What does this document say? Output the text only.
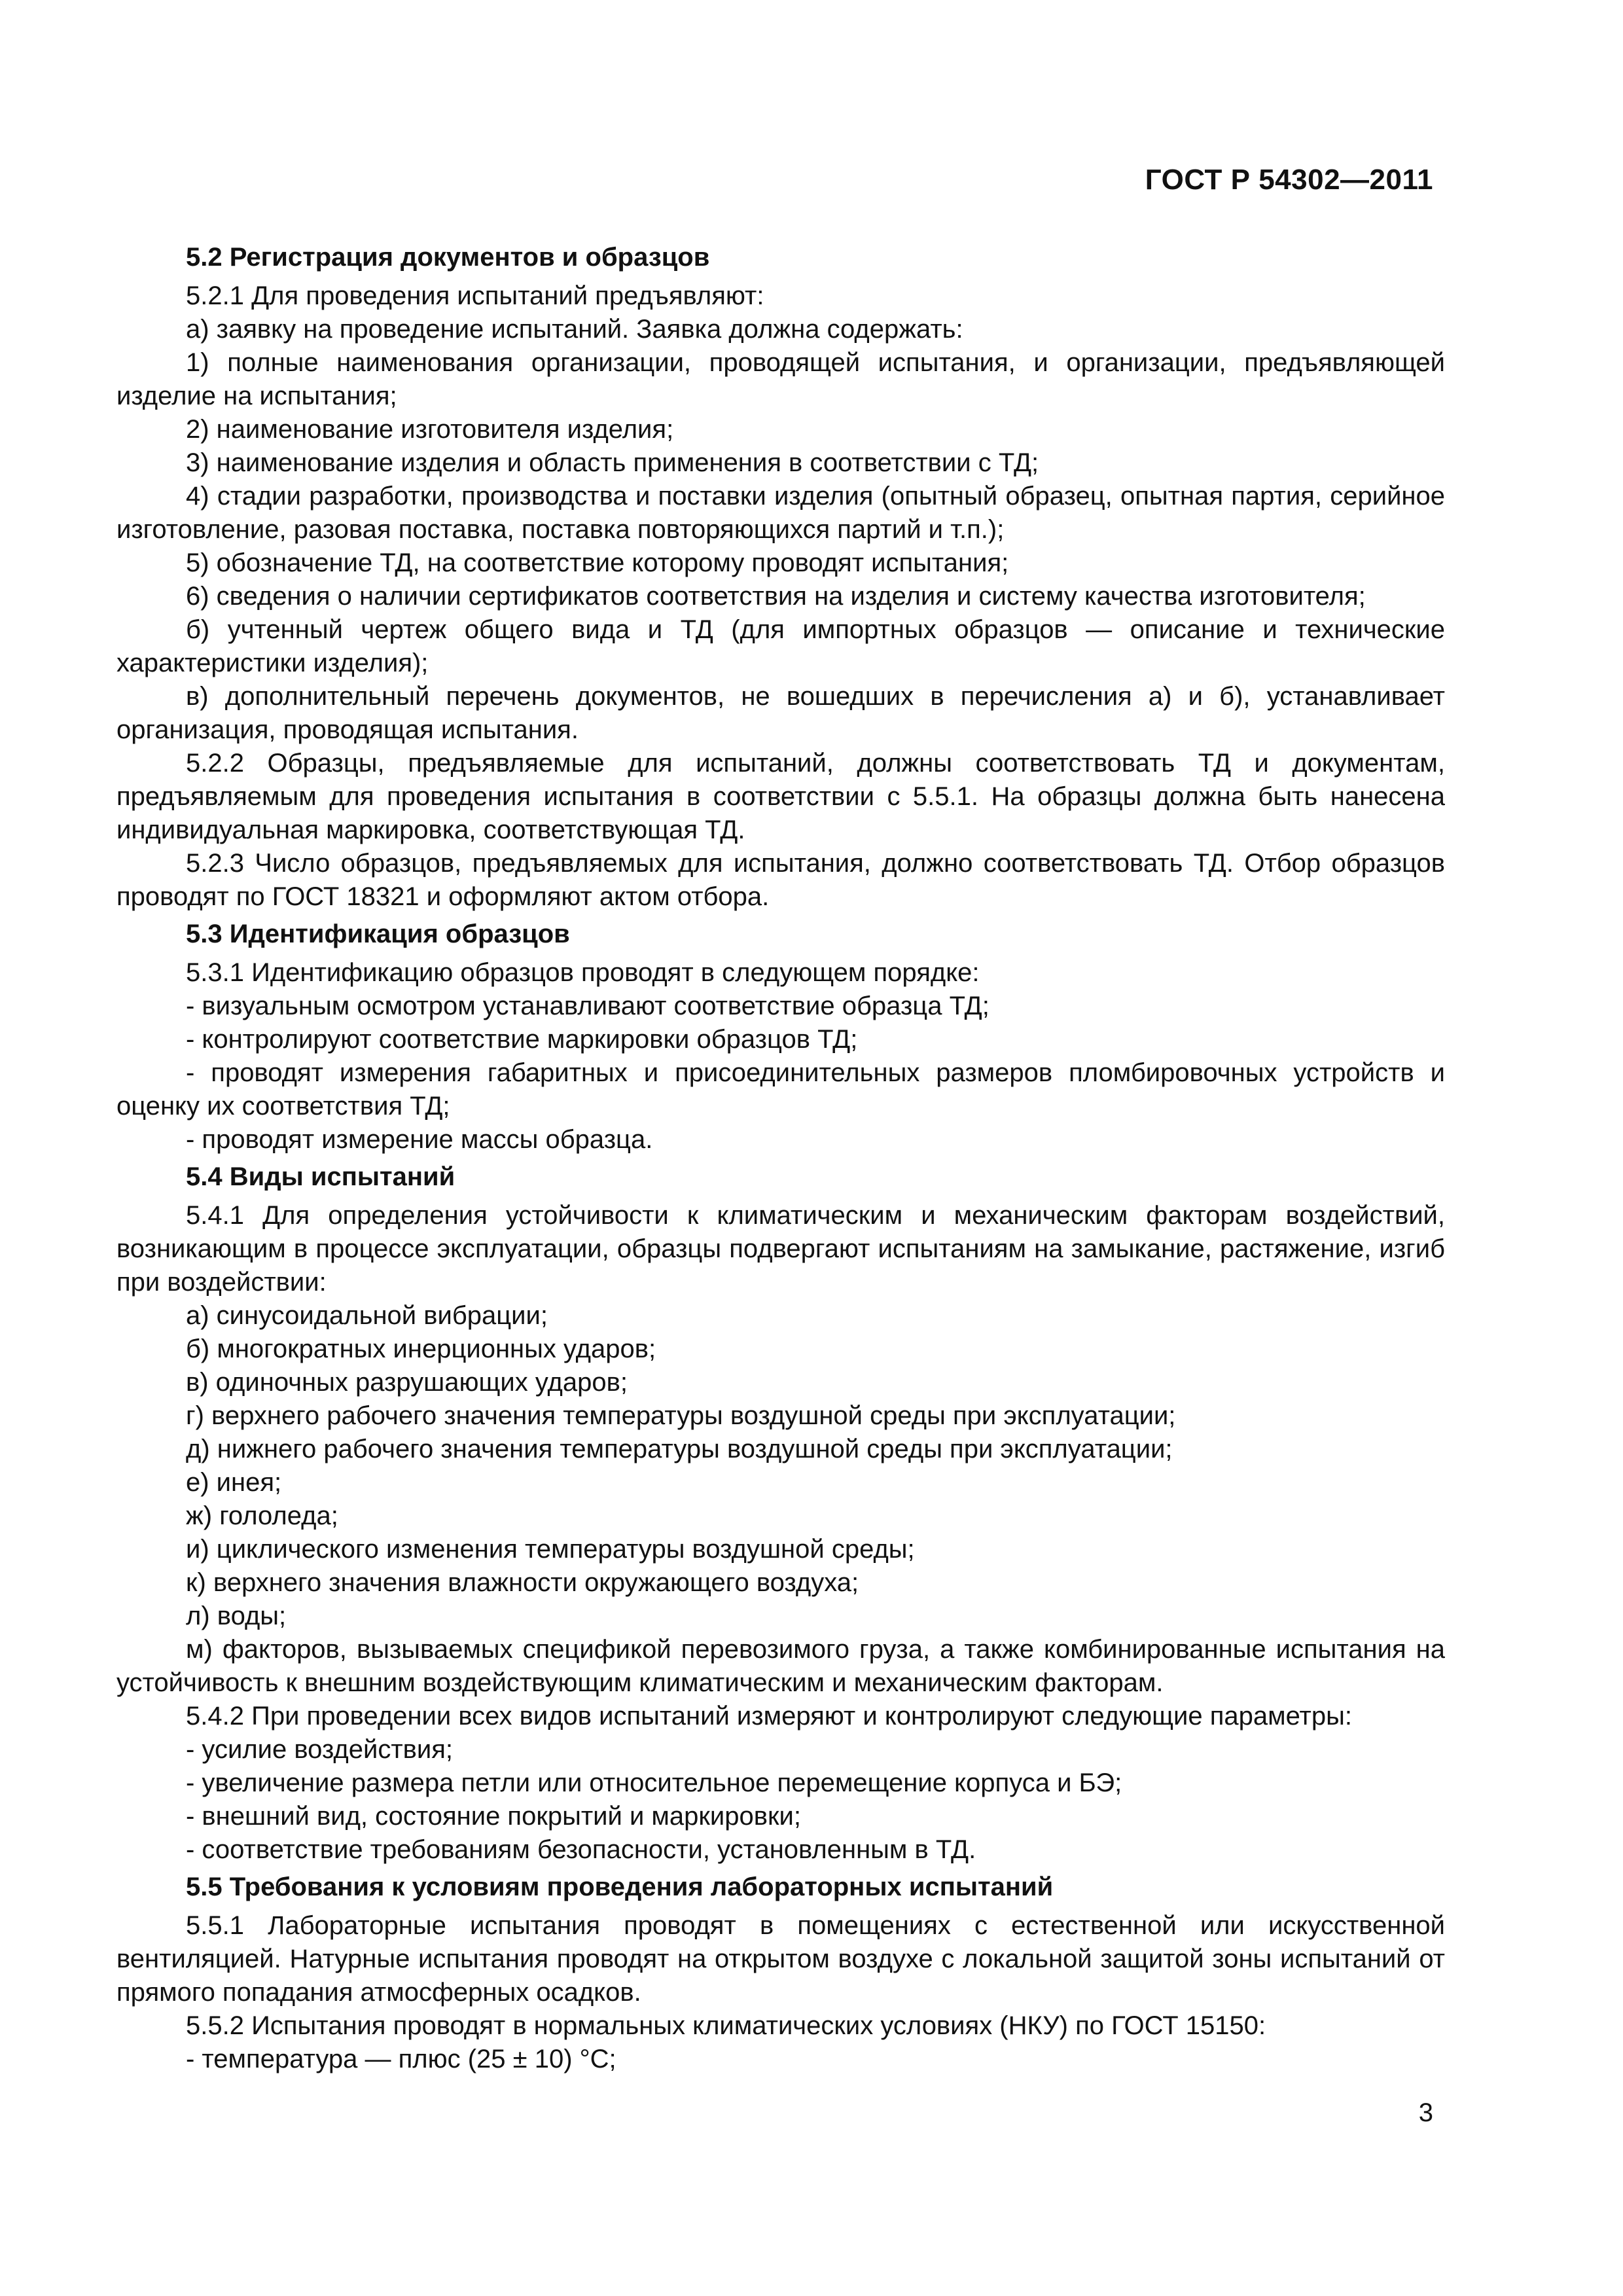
ГОСТ Р 54302—2011
5.2 Регистрация документов и образцов
5.2.1 Для проведения испытаний предъявляют:
а) заявку на проведение испытаний. Заявка должна содержать:
1) полные наименования организации, проводящей испытания, и организации, предъявляющей изделие на испытания;
2) наименование изготовителя изделия;
3) наименование изделия и область применения в соответствии с ТД;
4) стадии разработки, производства и поставки изделия (опытный образец, опытная партия, серийное изготовление, разовая поставка, поставка повторяющихся партий и т.п.);
5) обозначение ТД, на соответствие которому проводят испытания;
6) сведения о наличии сертификатов соответствия на изделия и систему качества изготовителя;
б) учтенный чертеж общего вида и ТД (для импортных образцов — описание и технические характеристики изделия);
в) дополнительный перечень документов, не вошедших в перечисления а) и б), устанавливает организация, проводящая испытания.
5.2.2 Образцы, предъявляемые для испытаний, должны соответствовать ТД и документам, предъявляемым для проведения испытания в соответствии с 5.5.1. На образцы должна быть нанесена индивидуальная маркировка, соответствующая ТД.
5.2.3 Число образцов, предъявляемых для испытания, должно соответствовать ТД. Отбор образцов проводят по ГОСТ 18321 и оформляют актом отбора.
5.3 Идентификация образцов
5.3.1 Идентификацию образцов проводят в следующем порядке:
- визуальным осмотром устанавливают соответствие образца ТД;
- контролируют соответствие маркировки образцов ТД;
- проводят измерения габаритных и присоединительных размеров пломбировочных устройств и оценку их соответствия ТД;
- проводят измерение массы образца.
5.4 Виды испытаний
5.4.1 Для определения устойчивости к климатическим и механическим факторам воздействий, возникающим в процессе эксплуатации, образцы подвергают испытаниям на замыкание, растяжение, изгиб при воздействии:
а) синусоидальной вибрации;
б) многократных инерционных ударов;
в) одиночных разрушающих ударов;
г) верхнего рабочего значения температуры воздушной среды при эксплуатации;
д) нижнего рабочего значения температуры воздушной среды при эксплуатации;
е) инея;
ж) гололеда;
и) циклического изменения температуры воздушной среды;
к) верхнего значения влажности окружающего воздуха;
л) воды;
м) факторов, вызываемых спецификой перевозимого груза, а также комбинированные испытания на устойчивость к внешним воздействующим климатическим и механическим факторам.
5.4.2 При проведении всех видов испытаний измеряют и контролируют следующие параметры:
- усилие воздействия;
- увеличение размера петли или относительное перемещение корпуса и БЭ;
- внешний вид, состояние покрытий и маркировки;
- соответствие требованиям безопасности, установленным в ТД.
5.5 Требования к условиям проведения лабораторных испытаний
5.5.1 Лабораторные испытания проводят в помещениях с естественной или искусственной вентиляцией. Натурные испытания проводят на открытом воздухе с локальной защитой зоны испытаний от прямого попадания атмосферных осадков.
5.5.2 Испытания проводят в нормальных климатических условиях (НКУ) по ГОСТ 15150:
- температура — плюс (25 ± 10) °С;
3
